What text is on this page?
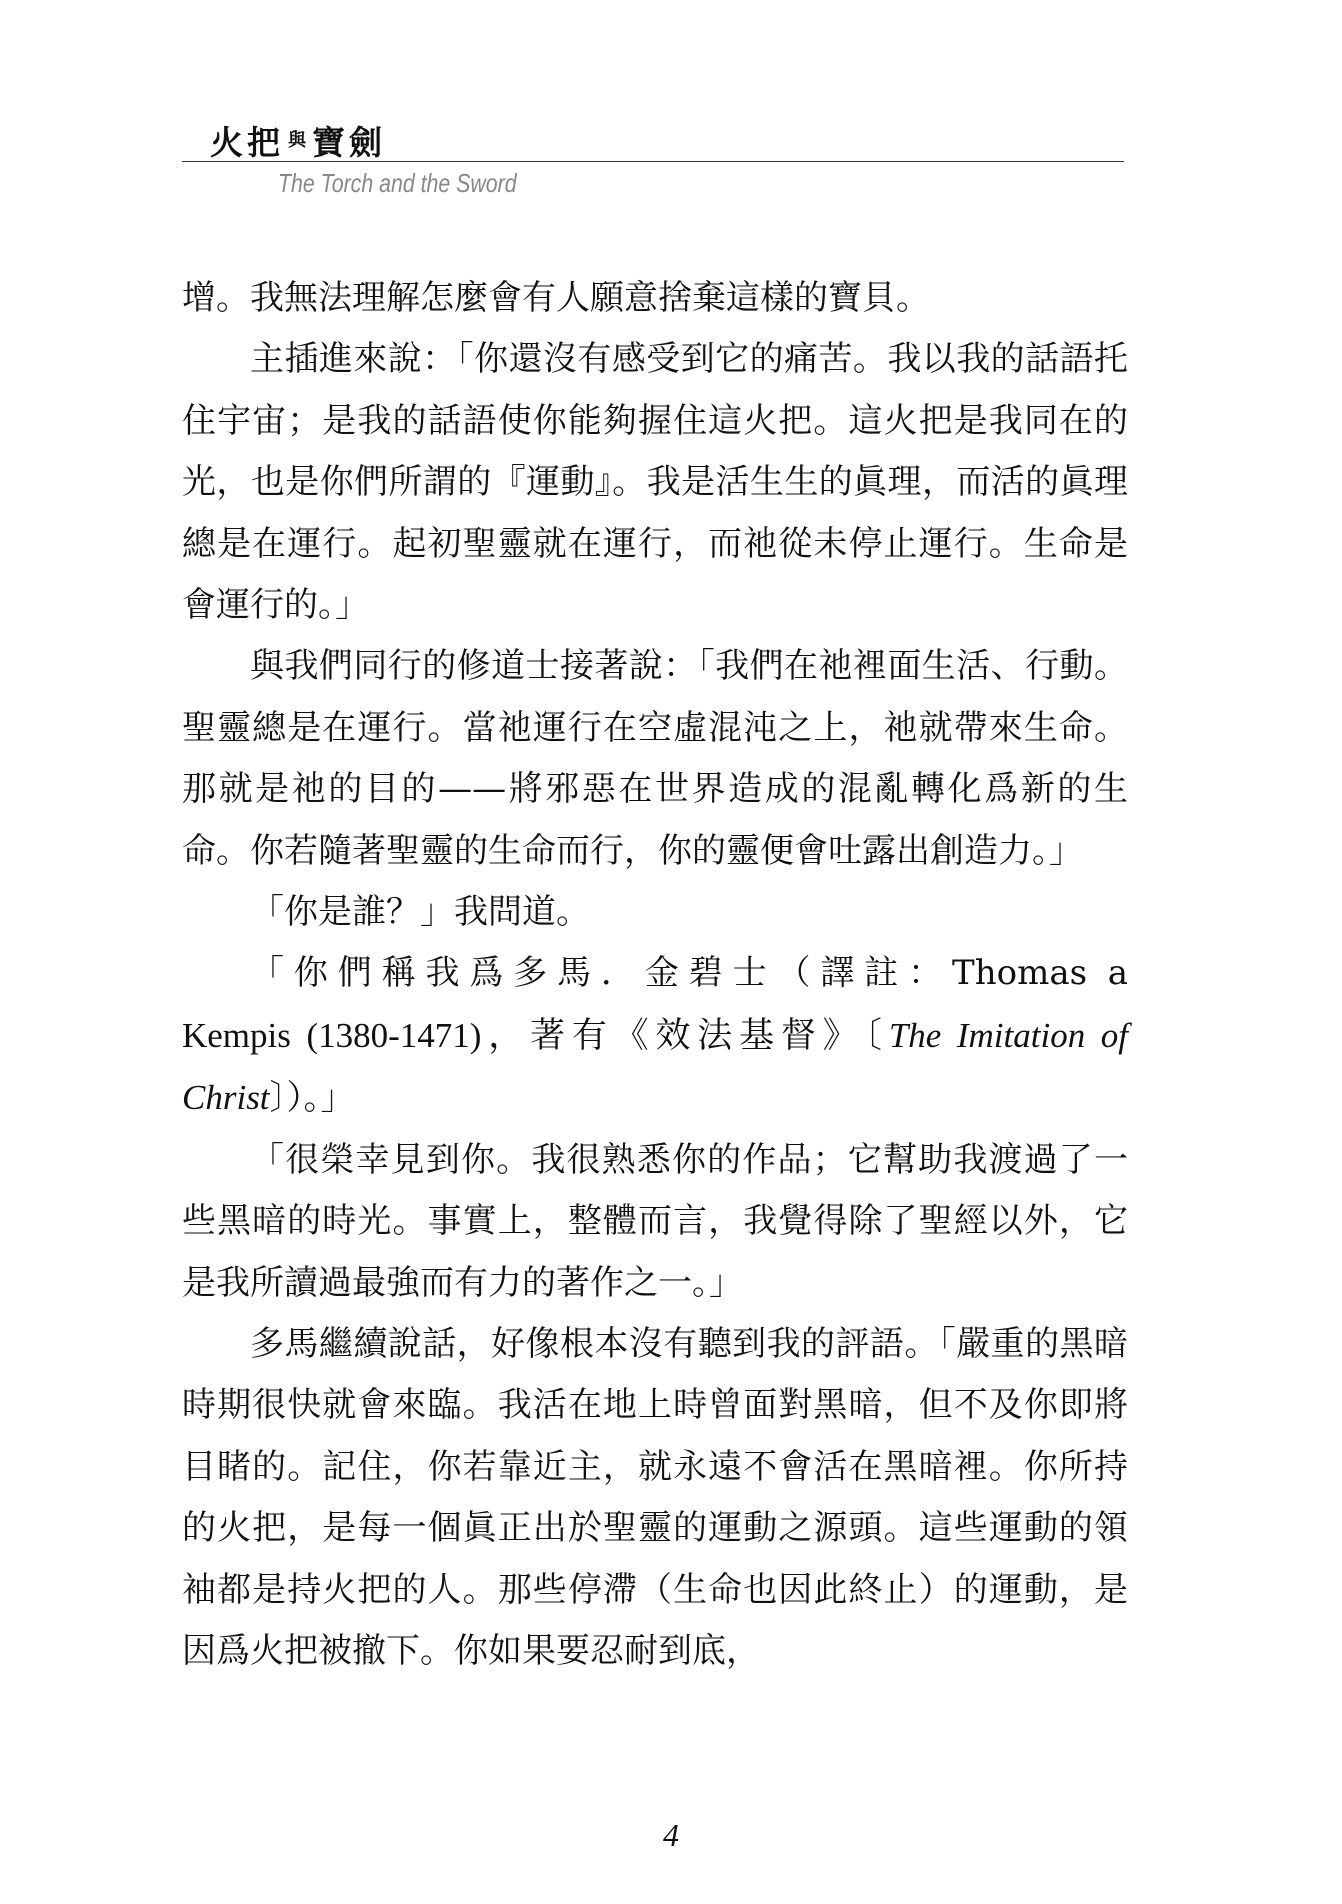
火把 與 寶劍
The Torch and the Sword

增。我無法理解怎麼會有人願意捨棄這樣的寶貝。

主插進來說：「你還沒有感受到它的痛苦。我以我的話語托住宇宙；是我的話語使你能夠握住這火把。這火把是我同在的光，也是你們所謂的『運動』。我是活生生的眞理，而活的眞理總是在運行。起初聖靈就在運行，而祂從未停止運行。生命是會運行的。」

與我們同行的修道士接著說：「我們在祂裡面生活、行動。 聖靈總是在運行。當祂運行在空虛混沌之上，祂就帶來生命。那就是祂的目的——將邪惡在世界造成的混亂轉化爲新的生命。你若隨著聖靈的生命而行，你的靈便會吐露出創造力。」

「你是誰？」我問道。

「你們稱我爲多馬．金碧士（譯註：Thomas a

Kempis (1380-1471)，著有《效法基督》〔The Imitation of Christ〕）。」

「很榮幸見到你。我很熟悉你的作品；它幫助我渡過了一些黑暗的時光。事實上，整體而言，我覺得除了聖經以外，它是我所讀過最強而有力的著作之一。」

多馬繼續說話，好像根本沒有聽到我的評語。「嚴重的黑暗時期很快就會來臨。我活在地上時曾面對黑暗，但不及你即將目睹的。記住，你若靠近主，就永遠不會活在黑暗裡。你所持的火把，是每一個眞正出於聖靈的運動之源頭。這些運動的領袖都是持火把的人。那些停滯（生命也因此終止）的運動，是因爲火把被撤下。你如果要忍耐到底，

4
